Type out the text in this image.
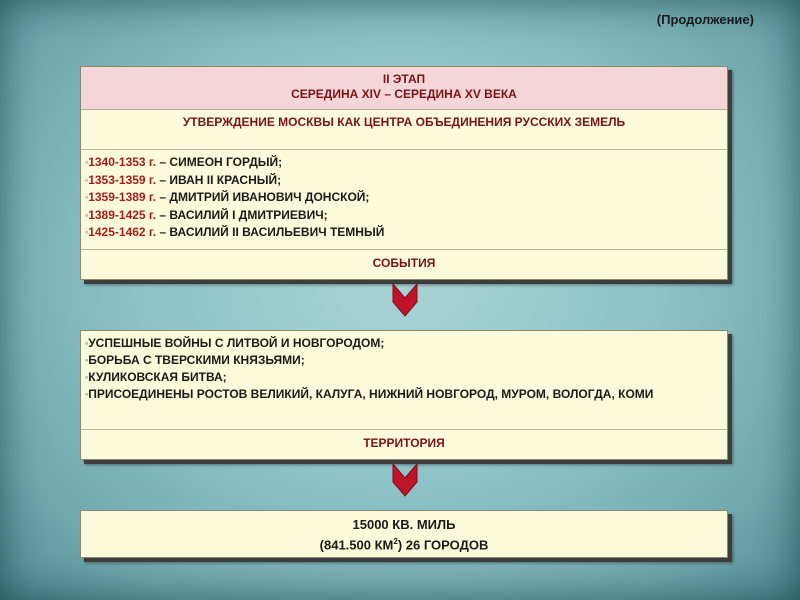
(Продолжение)
II ЭТАП
СЕРЕДИНА XIV – СЕРЕДИНА XV ВЕКА
УТВЕРЖДЕНИЕ МОСКВЫ КАК ЦЕНТРА ОБЪЕДИНЕНИЯ РУССКИХ ЗЕМЕЛЬ
◦1340-1353 г. – СИМЕОН ГОРДЫЙ;
◦1353-1359 г. – ИВАН II КРАСНЫЙ;
◦1359-1389 г. – ДМИТРИЙ ИВАНОВИЧ ДОНСКОЙ;
◦1389-1425 г. – ВАСИЛИЙ I ДМИТРИЕВИЧ;
◦1425-1462 г. – ВАСИЛИЙ II ВАСИЛЬЕВИЧ ТЕМНЫЙ
СОБЫТИЯ
◦УСПЕШНЫЕ ВОЙНЫ С ЛИТВОЙ И НОВГОРОДОМ;
◦БОРЬБА С ТВЕРСКИМИ КНЯЗЬЯМИ;
◦КУЛИКОВСКАЯ БИТВА;
◦ПРИСОЕДИНЕНЫ РОСТОВ ВЕЛИКИЙ, КАЛУГА, НИЖНИЙ НОВГОРОД, МУРОМ, ВОЛОГДА, КОМИ
ТЕРРИТОРИЯ
15000 КВ. МИЛЬ
(841.500 $КМ^2$) 26 ГОРОДОВ
